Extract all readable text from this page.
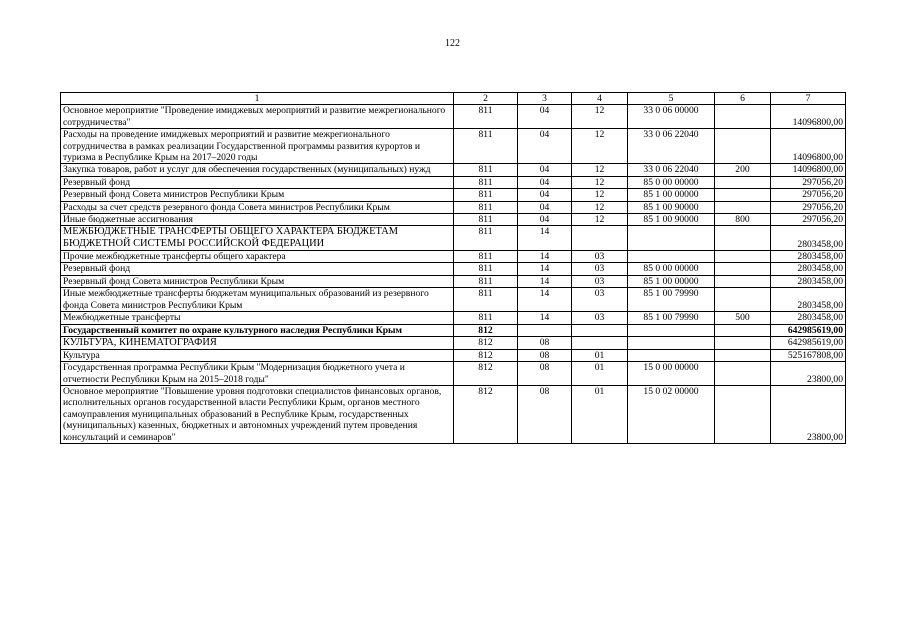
122
1	2	3	4	5	6	7
Основное мероприятие "Проведение имиджевых мероприятий и развитие межрегионального сотрудничества"	811	04	12	33 0 06 00000		14096800,00
Расходы на проведение имиджевых мероприятий и развитие межрегионального сотрудничества в рамках реализации Государственной программы развития курортов и туризма в Республике Крым на 2017–2020 годы	811	04	12	33 0 06 22040		14096800,00
Закупка товаров, работ и услуг для обеспечения государственных (муниципальных) нужд	811	04	12	33 0 06 22040	200	14096800,00
Резервный фонд	811	04	12	85 0 00 00000		297056,20
Резервный фонд Совета министров Республики Крым	811	04	12	85 1 00 00000		297056,20
Расходы за счет средств резервного фонда Совета министров Республики Крым	811	04	12	85 1 00 90000		297056,20
Иные бюджетные ассигнования	811	04	12	85 1 00 90000	800	297056,20
МЕЖБЮДЖЕТНЫЕ ТРАНСФЕРТЫ ОБЩЕГО ХАРАКТЕРА БЮДЖЕТАМ БЮДЖЕТНОЙ СИСТЕМЫ РОССИЙСКОЙ ФЕДЕРАЦИИ	811	14				2803458,00
Прочие межбюджетные трансферты общего характера	811	14	03			2803458,00
Резервный фонд	811	14	03	85 0 00 00000		2803458,00
Резервный фонд Совета министров Республики Крым	811	14	03	85 1 00 00000		2803458,00
Иные межбюджетные трансферты бюджетам муниципальных образований из резервного фонда Совета министров Республики Крым	811	14	03	85 1 00 79990		2803458,00
Межбюджетные трансферты	811	14	03	85 1 00 79990	500	2803458,00
Государственный комитет по охране культурного наследия Республики Крым	812					642985619,00
КУЛЬТУРА, КИНЕМАТОГРАФИЯ	812	08				642985619,00
Культура	812	08	01			525167808,00
Государственная программа Республики Крым "Модернизация бюджетного учета и отчетности Республики Крым на 2015–2018 годы"	812	08	01	15 0 00 00000		23800,00
Основное мероприятие "Повышение уровня подготовки специалистов финансовых органов, исполнительных органов государственной власти Республики Крым, органов местного самоуправления муниципальных образований в Республике Крым, государственных (муниципальных) казенных, бюджетных и автономных учреждений путем проведения консультаций и семинаров"	812	08	01	15 0 02 00000		23800,00
